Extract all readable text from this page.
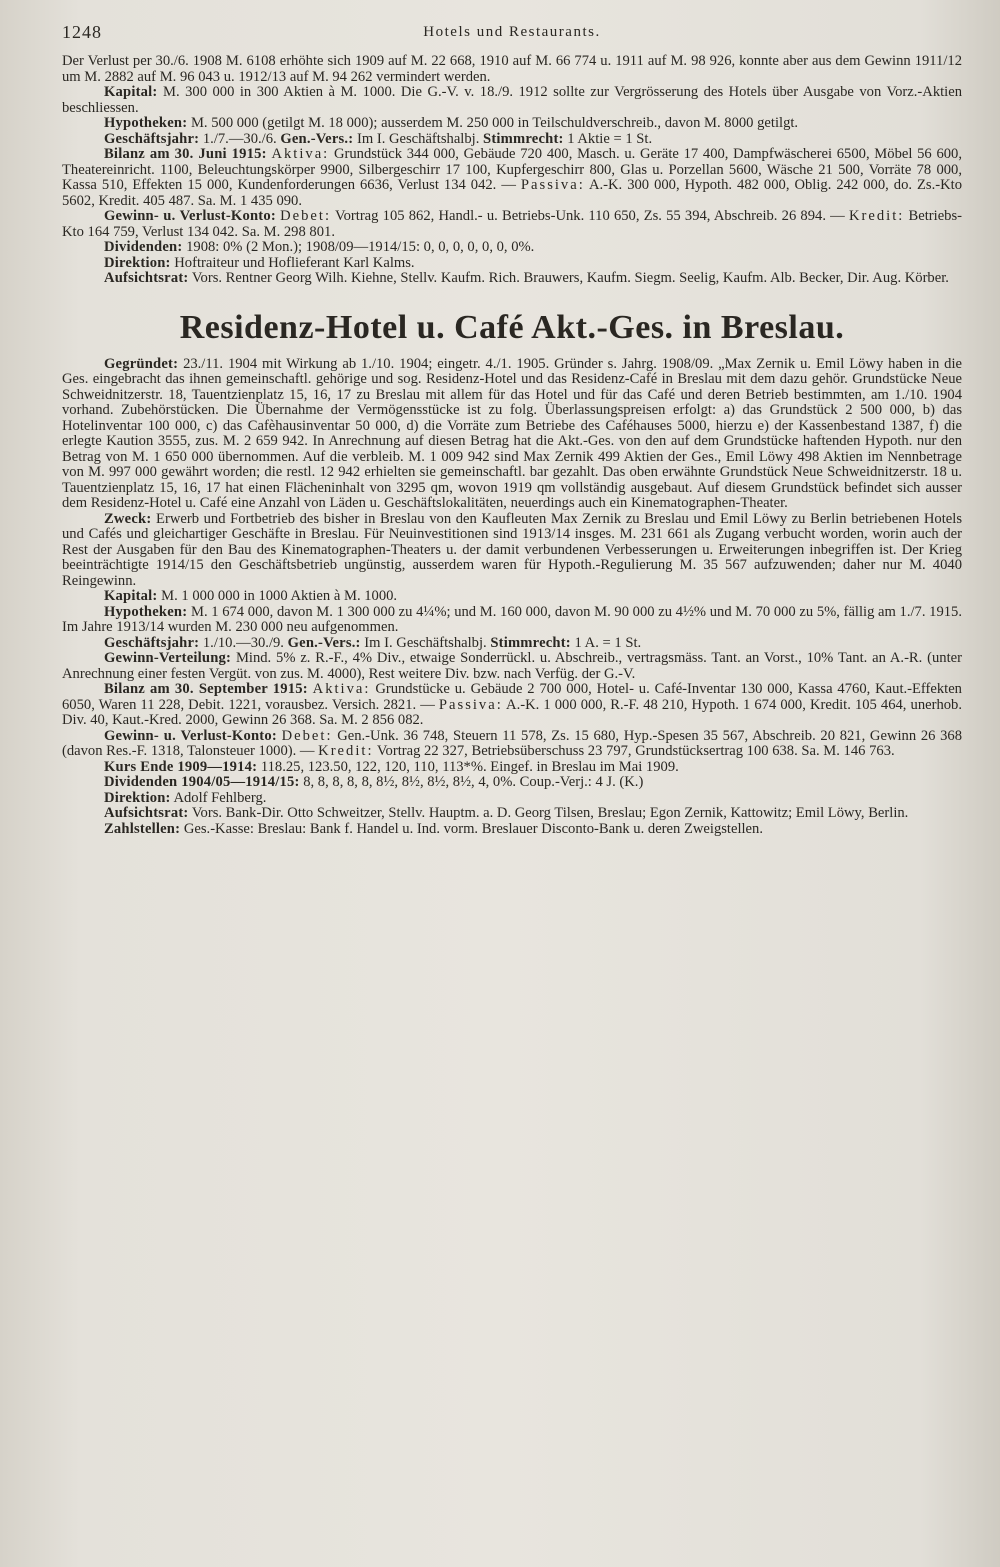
1248	Hotels und Restaurants.

Der Verlust per 30./6. 1908 M. 6108 erhöhte sich 1909 auf M. 22 668, 1910 auf M. 66 774 u. 1911 auf M. 98 926, konnte aber aus dem Gewinn 1911/12 um M. 2882 auf M. 96 043 u. 1912/13 auf M. 94 262 vermindert werden.

Kapital: M. 300 000 in 300 Aktien à M. 1000. Die G.-V. v. 18./9. 1912 sollte zur Vergrösserung des Hotels über Ausgabe von Vorz.-Aktien beschliessen.

Hypotheken: M. 500 000 (getilgt M. 18 000); ausserdem M. 250 000 in Teilschuldverschreib., davon M. 8000 getilgt.

Geschäftsjahr: 1./7.—30./6. Gen.-Vers.: Im I. Geschäftshalbj. Stimmrecht: 1 Aktie = 1 St.

Bilanz am 30. Juni 1915: Aktiva: Grundstück 344 000, Gebäude 720 400, Masch. u. Geräte 17 400, Dampfwäscherei 6500, Möbel 56 600, Theatereinricht. 1100, Beleuchtungskörper 9900, Silbergeschirr 17 100, Kupfergeschirr 800, Glas u. Porzellan 5600, Wäsche 21 500, Vorräte 78 000, Kassa 510, Effekten 15 000, Kundenforderungen 6636, Verlust 134 042. — Passiva: A.-K. 300 000, Hypoth. 482 000, Oblig. 242 000, do. Zs.-Kto 5602, Kredit. 405 487. Sa. M. 1 435 090.

Gewinn- u. Verlust-Konto: Debet: Vortrag 105 862, Handl.- u. Betriebs-Unk. 110 650, Zs. 55 394, Abschreib. 26 894. — Kredit: Betriebs-Kto 164 759, Verlust 134 042. Sa. M. 298 801.

Dividenden: 1908: 0% (2 Mon.); 1908/09—1914/15: 0, 0, 0, 0, 0, 0, 0%.

Direktion: Hoftraiteur und Hoflieferant Karl Kalms.

Aufsichtsrat: Vors. Rentner Georg Wilh. Kiehne, Stellv. Kaufm. Rich. Brauwers, Kaufm. Siegm. Seelig, Kaufm. Alb. Becker, Dir. Aug. Körber.

Residenz-Hotel u. Café Akt.-Ges. in Breslau.

Gegründet: 23./11. 1904 mit Wirkung ab 1./10. 1904; eingetr. 4./1. 1905. Gründer s. Jahrg. 1908/09. „Max Zernik u. Emil Löwy haben in die Ges. eingebracht das ihnen gemeinschaftl. gehörige und sog. Residenz-Hotel und das Residenz-Café in Breslau mit dem dazu gehör. Grundstücke Neue Schweidnitzerstr. 18, Tauentzienplatz 15, 16, 17 zu Breslau mit allem für das Hotel und für das Café und deren Betrieb bestimmten, am 1./10. 1904 vorhand. Zubehörstücken. Die Übernahme der Vermögensstücke ist zu folg. Überlassungspreisen erfolgt: a) das Grundstück 2 500 000, b) das Hotelinventar 100 000, c) das Cafèhausinventar 50 000, d) die Vorräte zum Betriebe des Caféhauses 5000, hierzu e) der Kassenbestand 1387, f) die erlegte Kaution 3555, zus. M. 2 659 942. In Anrechnung auf diesen Betrag hat die Akt.-Ges. von den auf dem Grundstücke haftenden Hypoth. nur den Betrag von M. 1 650 000 übernommen. Auf die verbleib. M. 1 009 942 sind Max Zernik 499 Aktien der Ges., Emil Löwy 498 Aktien im Nennbetrage von M. 997 000 gewährt worden; die restl. 12 942 erhielten sie gemeinschaftl. bar gezahlt. Das oben erwähnte Grundstück Neue Schweidnitzerstr. 18 u. Tauentzienplatz 15, 16, 17 hat einen Flächeninhalt von 3295 qm, wovon 1919 qm vollständig ausgebaut. Auf diesem Grundstück befindet sich ausser dem Residenz-Hotel u. Café eine Anzahl von Läden u. Geschäftslokalitäten, neuerdings auch ein Kinematographen-Theater.

Zweck: Erwerb und Fortbetrieb des bisher in Breslau von den Kaufleuten Max Zernik zu Breslau und Emil Löwy zu Berlin betriebenen Hotels und Cafés und gleichartiger Geschäfte in Breslau. Für Neuinvestitionen sind 1913/14 insges. M. 231 661 als Zugang verbucht worden, worin auch der Rest der Ausgaben für den Bau des Kinematographen-Theaters u. der damit verbundenen Verbesserungen u. Erweiterungen inbegriffen ist. Der Krieg beeinträchtigte 1914/15 den Geschäftsbetrieb ungünstig, ausserdem waren für Hypoth.-Regulierung M. 35 567 aufzuwenden; daher nur M. 4040 Reingewinn.

Kapital: M. 1 000 000 in 1000 Aktien à M. 1000.

Hypotheken: M. 1 674 000, davon M. 1 300 000 zu 4¼%; und M. 160 000, davon M. 90 000 zu 4½% und M. 70 000 zu 5%, fällig am 1./7. 1915. Im Jahre 1913/14 wurden M. 230 000 neu aufgenommen.

Geschäftsjahr: 1./10.—30./9. Gen.-Vers.: Im I. Geschäftshalbj. Stimmrecht: 1 A. = 1 St.

Gewinn-Verteilung: Mind. 5% z. R.-F., 4% Div., etwaige Sonderrückl. u. Abschreib., vertragsmäss. Tant. an Vorst., 10% Tant. an A.-R. (unter Anrechnung einer festen Vergüt. von zus. M. 4000), Rest weitere Div. bzw. nach Verfüg. der G.-V.

Bilanz am 30. September 1915: Aktiva: Grundstücke u. Gebäude 2 700 000, Hotel- u. Café-Inventar 130 000, Kassa 4760, Kaut.-Effekten 6050, Waren 11 228, Debit. 1221, vorausbez. Versich. 2821. — Passiva: A.-K. 1 000 000, R.-F. 48 210, Hypoth. 1 674 000, Kredit. 105 464, unerhob. Div. 40, Kaut.-Kred. 2000, Gewinn 26 368. Sa. M. 2 856 082.

Gewinn- u. Verlust-Konto: Debet: Gen.-Unk. 36 748, Steuern 11 578, Zs. 15 680, Hyp.-Spesen 35 567, Abschreib. 20 821, Gewinn 26 368 (davon Res.-F. 1318, Talonsteuer 1000). — Kredit: Vortrag 22 327, Betriebsüberschuss 23 797, Grundstücksertrag 100 638. Sa. M. 146 763.

Kurs Ende 1909—1914: 118.25, 123.50, 122, 120, 110, 113*%. Eingef. in Breslau im Mai 1909.

Dividenden 1904/05—1914/15: 8, 8, 8, 8, 8, 8½, 8½, 8½, 8½, 4, 0%. Coup.-Verj.: 4 J. (K.)

Direktion: Adolf Fehlberg.

Aufsichtsrat: Vors. Bank-Dir. Otto Schweitzer, Stellv. Hauptm. a. D. Georg Tilsen, Breslau; Egon Zernik, Kattowitz; Emil Löwy, Berlin.

Zahlstellen: Ges.-Kasse: Breslau: Bank f. Handel u. Ind. vorm. Breslauer Disconto-Bank u. deren Zweigstellen.
